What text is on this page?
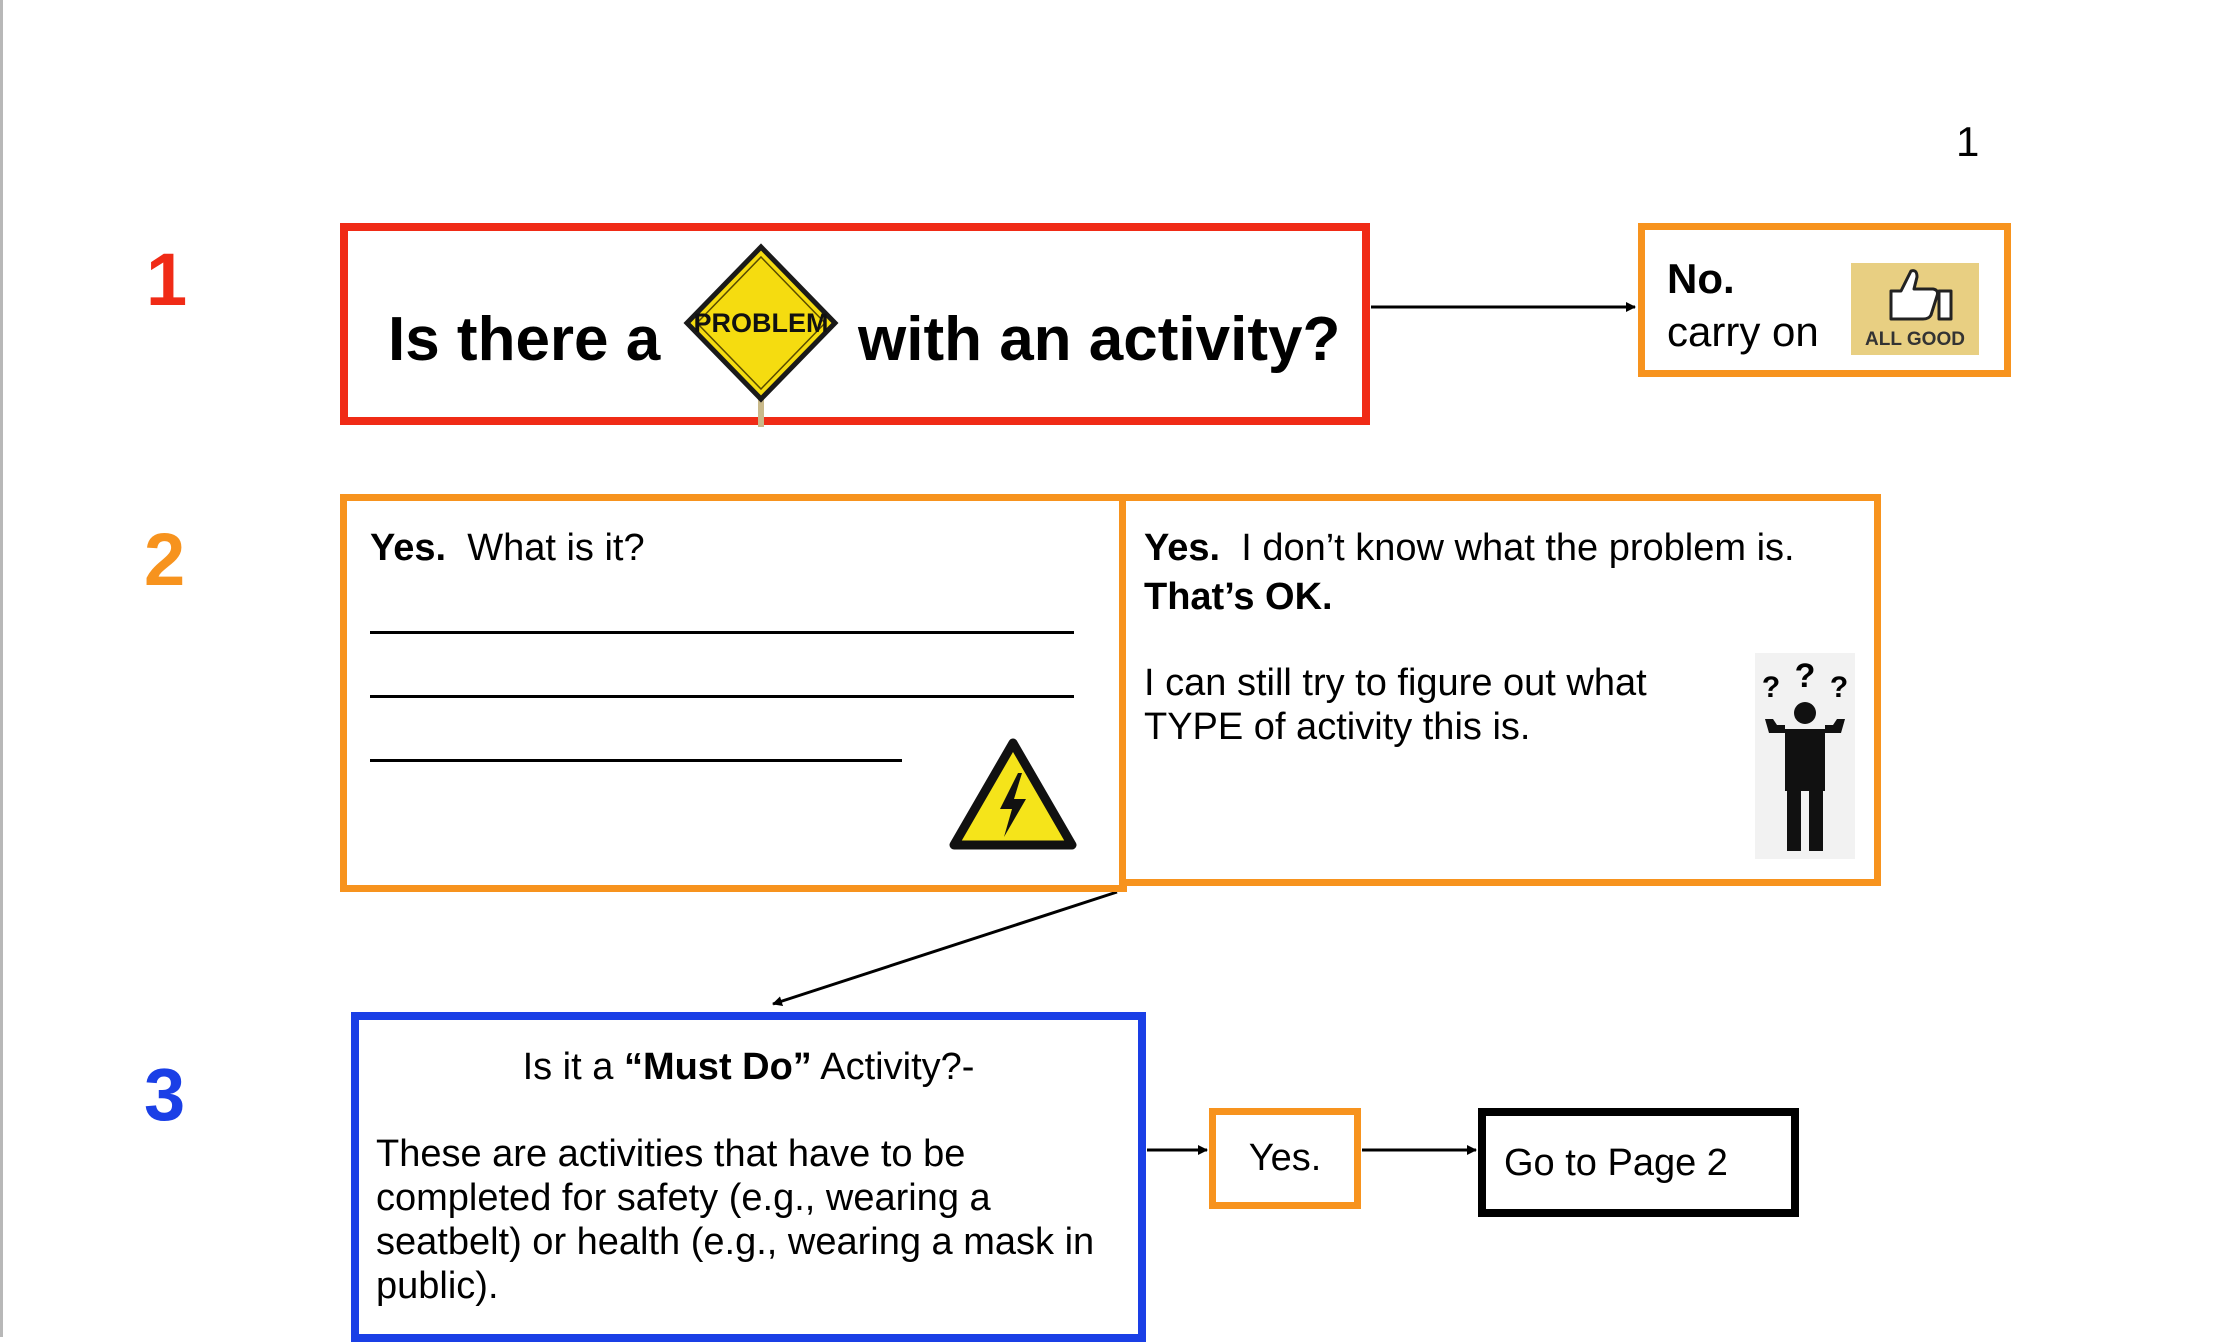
1
1
2
3
Is there a PROBLEM with an activity?
No.
carry on	ALL GOOD
Yes. What is it?	Yes. I don’t know what the problem is.
That’s OK.
I can still try to figure out what TYPE of activity this is.
? ? ?
Is it a “Must Do” Activity?-
These are activities that have to be completed for safety (e.g., wearing a seatbelt) or health (e.g., wearing a mask in public).
Yes.	Go to Page 2
